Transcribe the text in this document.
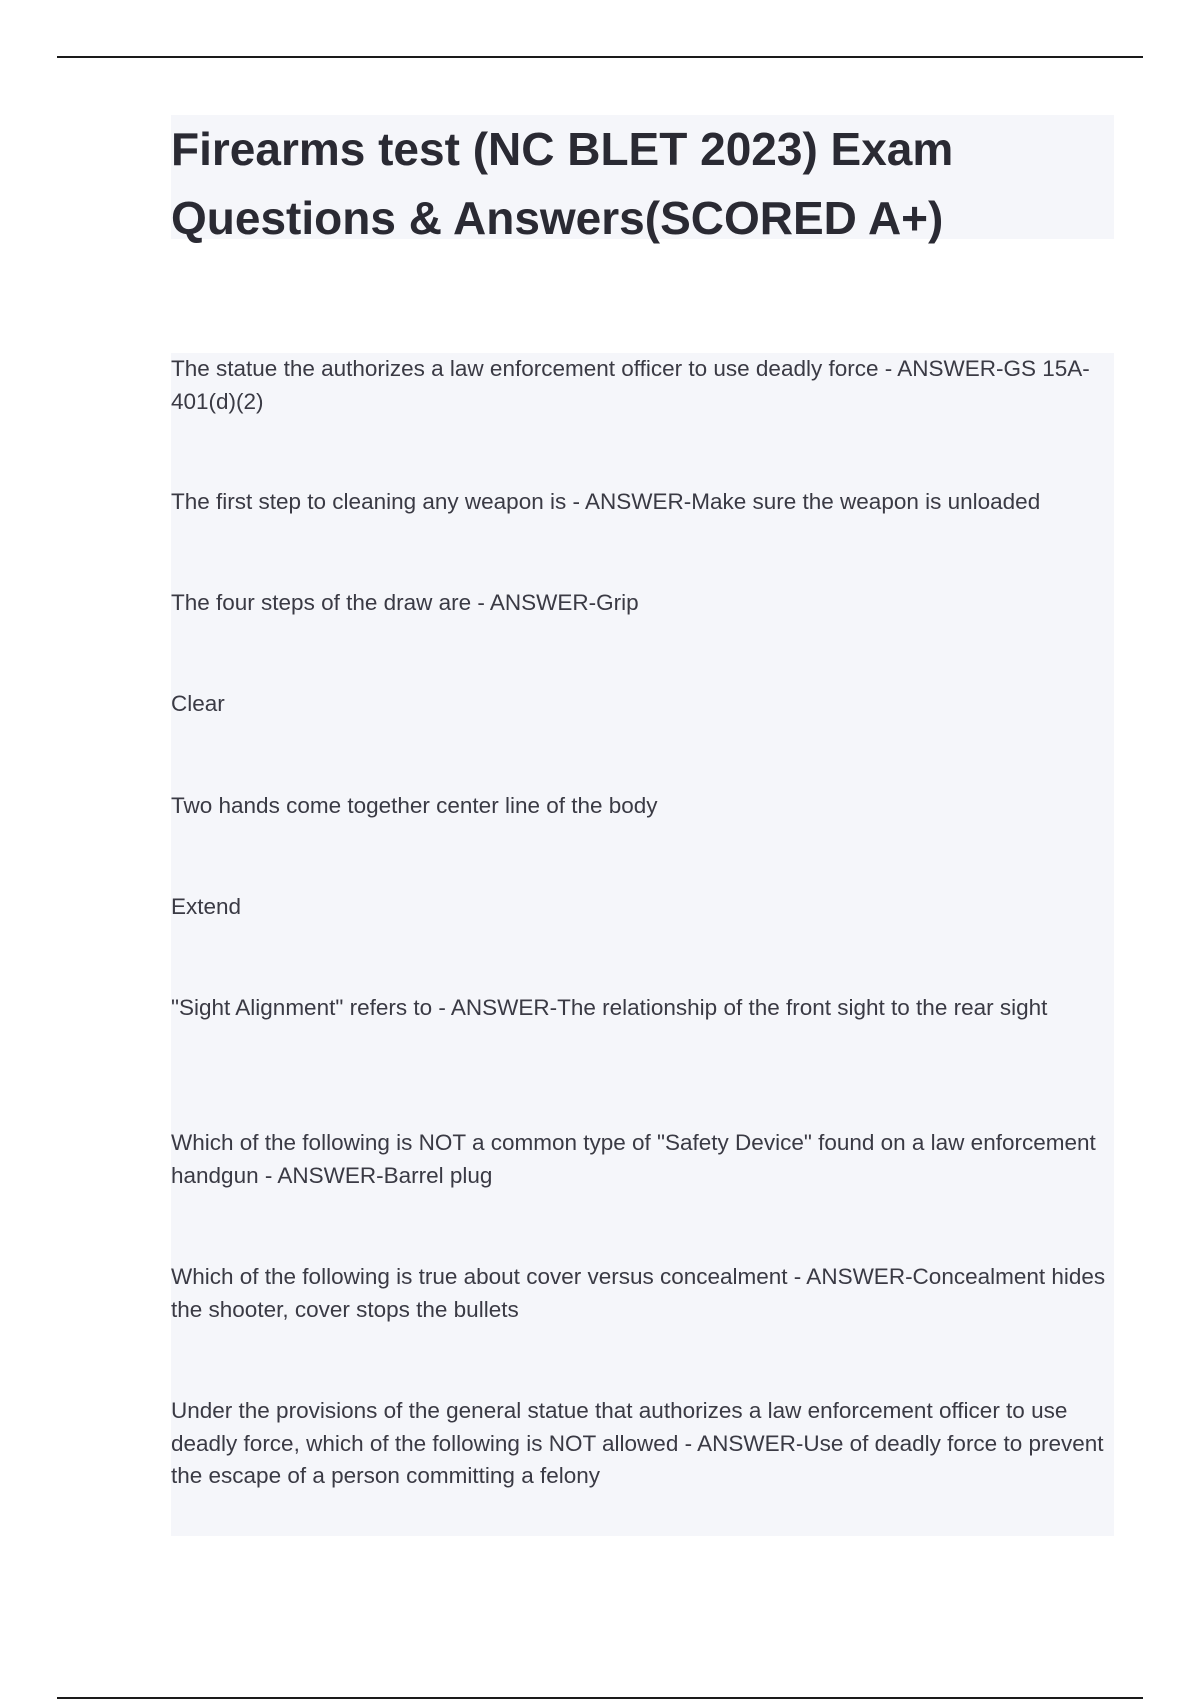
Firearms test (NC BLET 2023) Exam Questions & Answers(SCORED A+)

The statue the authorizes a law enforcement officer to use deadly force - ANSWER-GS 15A-401(d)(2)

The first step to cleaning any weapon is - ANSWER-Make sure the weapon is unloaded

The four steps of the draw are - ANSWER-Grip

Clear

Two hands come together center line of the body

Extend

"Sight Alignment" refers to - ANSWER-The relationship of the front sight to the rear sight

Which of the following is NOT a common type of "Safety Device" found on a law enforcement handgun - ANSWER-Barrel plug

Which of the following is true about cover versus concealment - ANSWER-Concealment hides the shooter, cover stops the bullets

Under the provisions of the general statue that authorizes a law enforcement officer to use deadly force, which of the following is NOT allowed - ANSWER-Use of deadly force to prevent the escape of a person committing a felony
